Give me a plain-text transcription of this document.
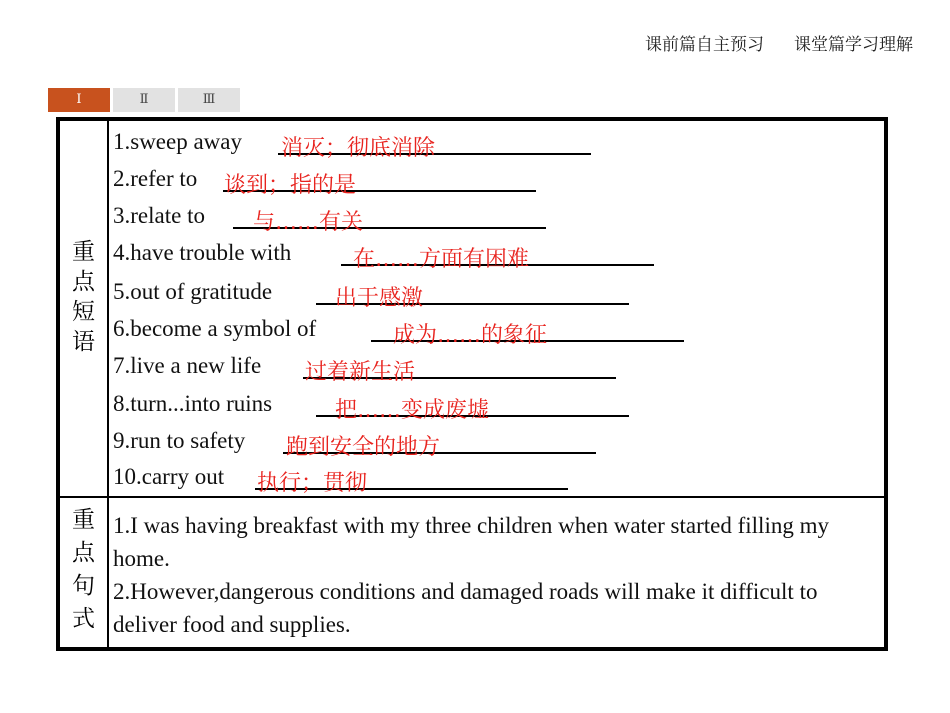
课前篇自主预习 课堂篇学习理解
Ⅰ	Ⅱ	Ⅲ
重
点
短
语
1.sweep away 消灭；彻底消除
2.refer to 谈到；指的是
3.relate to 与……有关
4.have trouble with	在……方面有困难
5.out of gratitude	出于感激
6.become a symbol of	成为……的象征
7.live a new life 过着新生活
8.turn...into ruins	把……变成废墟
9.run to safety 跑到安全的地方
10.carry out 执行；贯彻
重
点
句
式
1.I was having breakfast with my three children when water started filling my home.
2.However,dangerous conditions and damaged roads will make it difficult to deliver food and supplies.
